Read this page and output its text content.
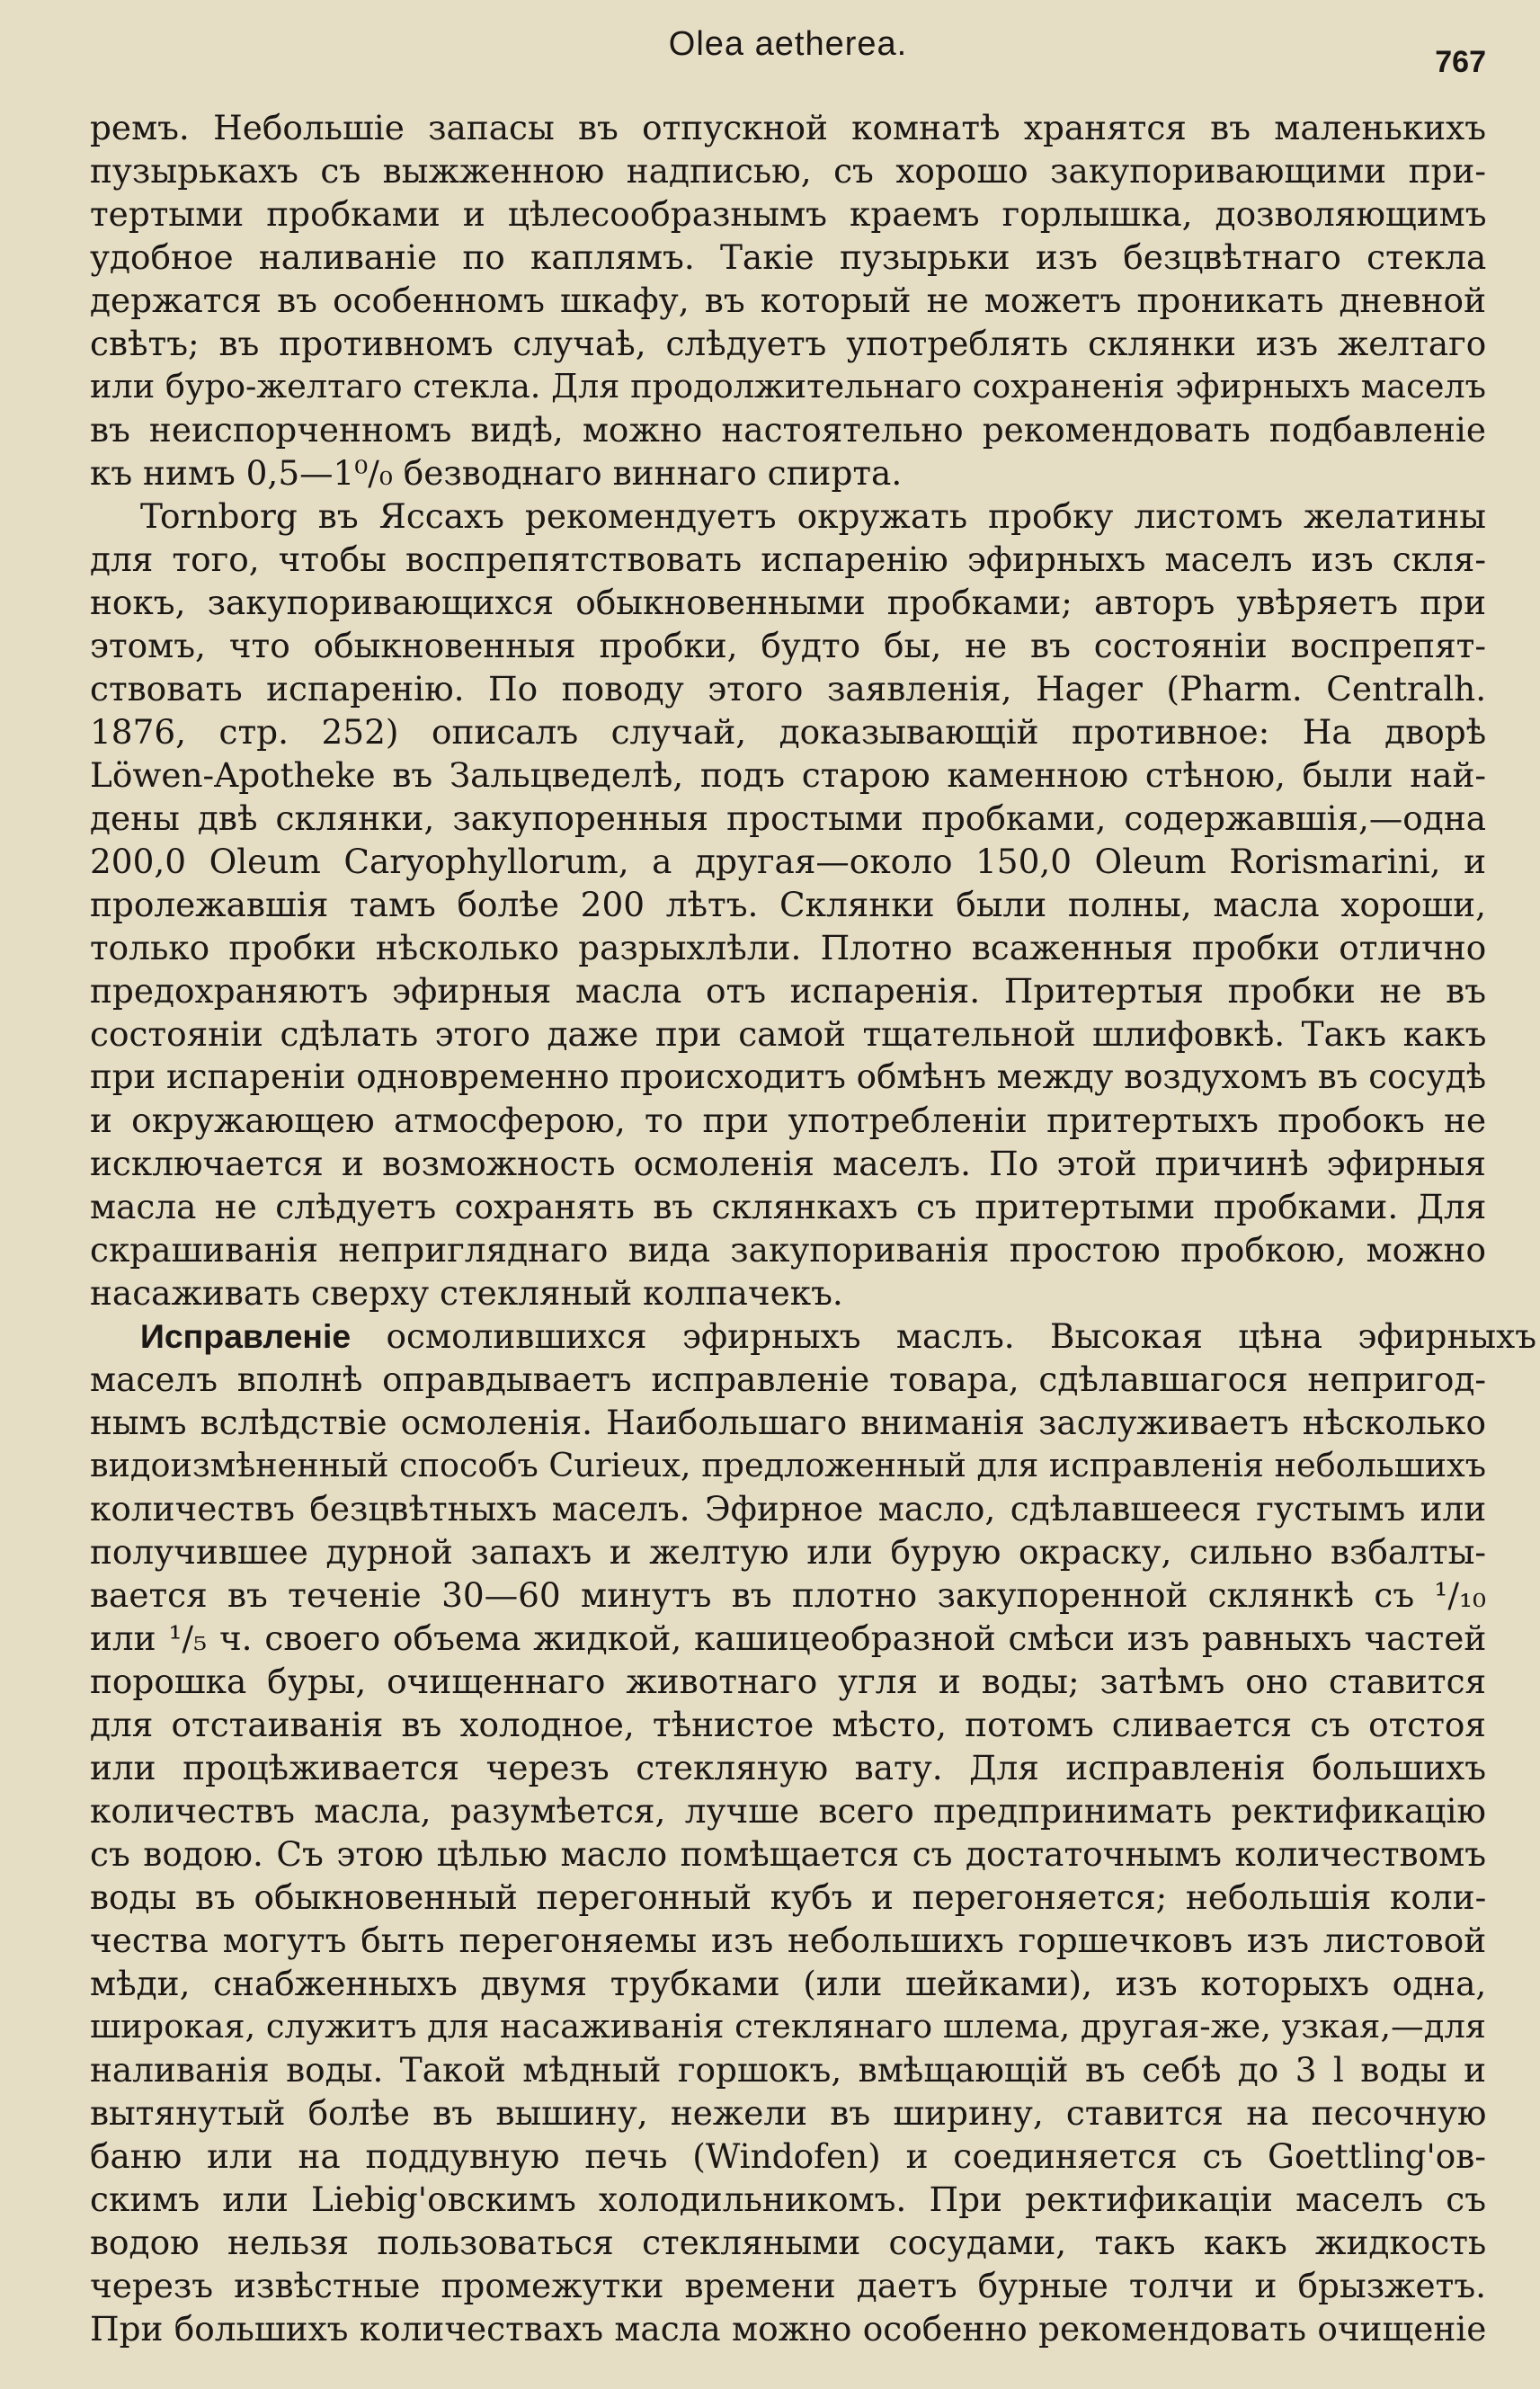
Olea aetherea.	767
ремъ. Небольшіе запасы въ отпускной комнатѣ хранятся въ маленькихъ
пузырькахъ съ выжженною надписью, съ хорошо закупоривающими при-
тертыми пробками и цѣлесообразнымъ краемъ горлышка, дозволяющимъ
удобное наливаніе по каплямъ. Такіе пузырьки изъ безцвѣтнаго стекла
держатся въ особенномъ шкафу, въ который не можетъ проникать дневной
свѣтъ; въ противномъ случаѣ, слѣдуетъ употреблять склянки изъ желтаго
или буро-желтаго стекла. Для продолжительнаго сохраненія эфирныхъ маселъ
въ неиспорченномъ видѣ, можно настоятельно рекомендовать подбавленіе
къ нимъ 0,5—1⁰/₀ безводнаго виннаго спирта.
Tornborg въ Яссахъ рекомендуетъ окружать пробку листомъ желатины
для того, чтобы воспрепятствовать испаренію эфирныхъ маселъ изъ скля-
нокъ, закупоривающихся обыкновенными пробками; авторъ увѣряетъ при
этомъ, что обыкновенныя пробки, будто бы, не въ состояніи воспрепят-
ствовать испаренію. По поводу этого заявленія, Hager (Pharm. Centralh.
1876, стр. 252) описалъ случай, доказывающій противное: На дворѣ
Löwen-Apotheke въ Зальцведелѣ, подъ старою каменною стѣною, были най-
дены двѣ склянки, закупоренныя простыми пробками, содержавшія,—одна
200,0 Oleum Caryophyllorum, а другая—около 150,0 Oleum Rorismarini, и
пролежавшія тамъ болѣе 200 лѣтъ. Склянки были полны, масла хороши,
только пробки нѣсколько разрыхлѣли. Плотно всаженныя пробки отлично
предохраняютъ эфирныя масла отъ испаренія. Притертыя пробки не въ
состояніи сдѣлать этого даже при самой тщательной шлифовкѣ. Такъ какъ
при испареніи одновременно происходитъ обмѣнъ между воздухомъ въ сосудѣ
и окружающею атмосферою, то при употребленіи притертыхъ пробокъ не
исключается и возможность осмоленія маселъ. По этой причинѣ эфирныя
масла не слѣдуетъ сохранять въ склянкахъ съ притертыми пробками. Для
скрашиванія непригляднаго вида закупориванія простою пробкою, можно
насаживать сверху стекляный колпачекъ.
Исправленіе осмолившихся эфирныхъ маслъ. Высокая цѣна эфирныхъ
маселъ вполнѣ оправдываетъ исправленіе товара, сдѣлавшагося непригод-
нымъ вслѣдствіе осмоленія. Наибольшаго вниманія заслуживаетъ нѣсколько
видоизмѣненный способъ Curieux, предложенный для исправленія небольшихъ
количествъ безцвѣтныхъ маселъ. Эфирное масло, сдѣлавшееся густымъ или
получившее дурной запахъ и желтую или бурую окраску, сильно взбалты-
вается въ теченіе 30—60 минутъ въ плотно закупоренной склянкѣ съ ¹/₁₀
или ¹/₅ ч. своего объема жидкой, кашицеобразной смѣси изъ равныхъ частей
порошка буры, очищеннаго животнаго угля и воды; затѣмъ оно ставится
для отстаиванія въ холодное, тѣнистое мѣсто, потомъ сливается съ отстоя
или процѣживается черезъ стекляную вату. Для исправленія большихъ
количествъ масла, разумѣется, лучше всего предпринимать ректификацію
съ водою. Съ этою цѣлью масло помѣщается съ достаточнымъ количествомъ
воды въ обыкновенный перегонный кубъ и перегоняется; небольшія коли-
чества могутъ быть перегоняемы изъ небольшихъ горшечковъ изъ листовой
мѣди, снабженныхъ двумя трубками (или шейками), изъ которыхъ одна,
широкая, служитъ для насаживанія стеклянаго шлема, другая-же, узкая,—для
наливанія воды. Такой мѣдный горшокъ, вмѣщающій въ себѣ до 3 l воды и
вытянутый болѣе въ вышину, нежели въ ширину, ставится на песочную
баню или на поддувную печь (Windofen) и соединяется съ Goettling'ов-
скимъ или Liebig'овскимъ холодильникомъ. При ректификаціи маселъ съ
водою нельзя пользоваться стекляными сосудами, такъ какъ жидкость
черезъ извѣстные промежутки времени даетъ бурные толчи и брызжетъ.
При большихъ количествахъ масла можно особенно рекомендовать очищеніе
